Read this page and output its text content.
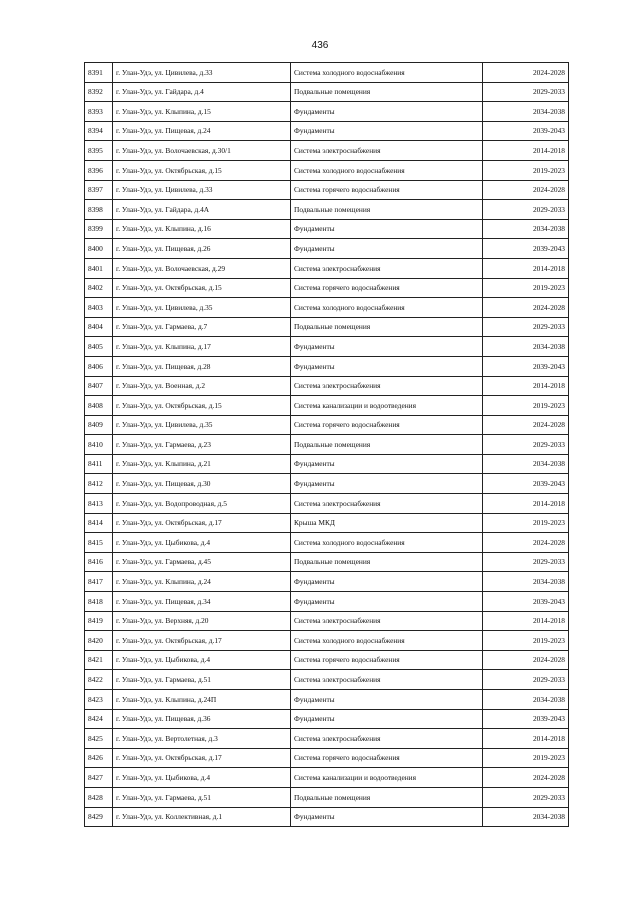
436
8391	г. Улан-Удэ, ул. Цивилева, д.33	Система холодного водоснабжения	2024-2028
8392	г. Улан-Удэ, ул. Гайдара, д.4	Подвальные помещения	2029-2033
8393	г. Улан-Удэ, ул. Клыпина, д.15	Фундаменты	2034-2038
8394	г. Улан-Удэ, ул. Пищевая, д.24	Фундаменты	2039-2043
8395	г. Улан-Удэ, ул. Волочаевская, д.30/1	Система электроснабжения	2014-2018
8396	г. Улан-Удэ, ул. Октябрьская, д.15	Система холодного водоснабжения	2019-2023
8397	г. Улан-Удэ, ул. Цивилева, д.33	Система горячего водоснабжения	2024-2028
8398	г. Улан-Удэ, ул. Гайдара, д.4А	Подвальные помещения	2029-2033
8399	г. Улан-Удэ, ул. Клыпина, д.16	Фундаменты	2034-2038
8400	г. Улан-Удэ, ул. Пищевая, д.26	Фундаменты	2039-2043
8401	г. Улан-Удэ, ул. Волочаевская, д.29	Система электроснабжения	2014-2018
8402	г. Улан-Удэ, ул. Октябрьская, д.15	Система горячего водоснабжения	2019-2023
8403	г. Улан-Удэ, ул. Цивилева, д.35	Система холодного водоснабжения	2024-2028
8404	г. Улан-Удэ, ул. Гармаева, д.7	Подвальные помещения	2029-2033
8405	г. Улан-Удэ, ул. Клыпина, д.17	Фундаменты	2034-2038
8406	г. Улан-Удэ, ул. Пищевая, д.28	Фундаменты	2039-2043
8407	г. Улан-Удэ, ул. Военная, д.2	Система электроснабжения	2014-2018
8408	г. Улан-Удэ, ул. Октябрьская, д.15	Система канализации и водоотведения	2019-2023
8409	г. Улан-Удэ, ул. Цивилева, д.35	Система горячего водоснабжения	2024-2028
8410	г. Улан-Удэ, ул. Гармаева, д.23	Подвальные помещения	2029-2033
8411	г. Улан-Удэ, ул. Клыпина, д.21	Фундаменты	2034-2038
8412	г. Улан-Удэ, ул. Пищевая, д.30	Фундаменты	2039-2043
8413	г. Улан-Удэ, ул. Водопроводная, д.5	Система электроснабжения	2014-2018
8414	г. Улан-Удэ, ул. Октябрьская, д.17	Крыша МКД	2019-2023
8415	г. Улан-Удэ, ул. Цыбикова, д.4	Система холодного водоснабжения	2024-2028
8416	г. Улан-Удэ, ул. Гармаева, д.45	Подвальные помещения	2029-2033
8417	г. Улан-Удэ, ул. Клыпина, д.24	Фундаменты	2034-2038
8418	г. Улан-Удэ, ул. Пищевая, д.34	Фундаменты	2039-2043
8419	г. Улан-Удэ, ул. Верхняя, д.20	Система электроснабжения	2014-2018
8420	г. Улан-Удэ, ул. Октябрьская, д.17	Система холодного водоснабжения	2019-2023
8421	г. Улан-Удэ, ул. Цыбикова, д.4	Система горячего водоснабжения	2024-2028
8422	г. Улан-Удэ, ул. Гармаева, д.51	Система электроснабжения	2029-2033
8423	г. Улан-Удэ, ул. Клыпина, д.24П	Фундаменты	2034-2038
8424	г. Улан-Удэ, ул. Пищевая, д.36	Фундаменты	2039-2043
8425	г. Улан-Удэ, ул. Вертолетная, д.3	Система электроснабжения	2014-2018
8426	г. Улан-Удэ, ул. Октябрьская, д.17	Система горячего водоснабжения	2019-2023
8427	г. Улан-Удэ, ул. Цыбикова, д.4	Система канализации и водоотведения	2024-2028
8428	г. Улан-Удэ, ул. Гармаева, д.51	Подвальные помещения	2029-2033
8429	г. Улан-Удэ, ул. Коллективная, д.1	Фундаменты	2034-2038
